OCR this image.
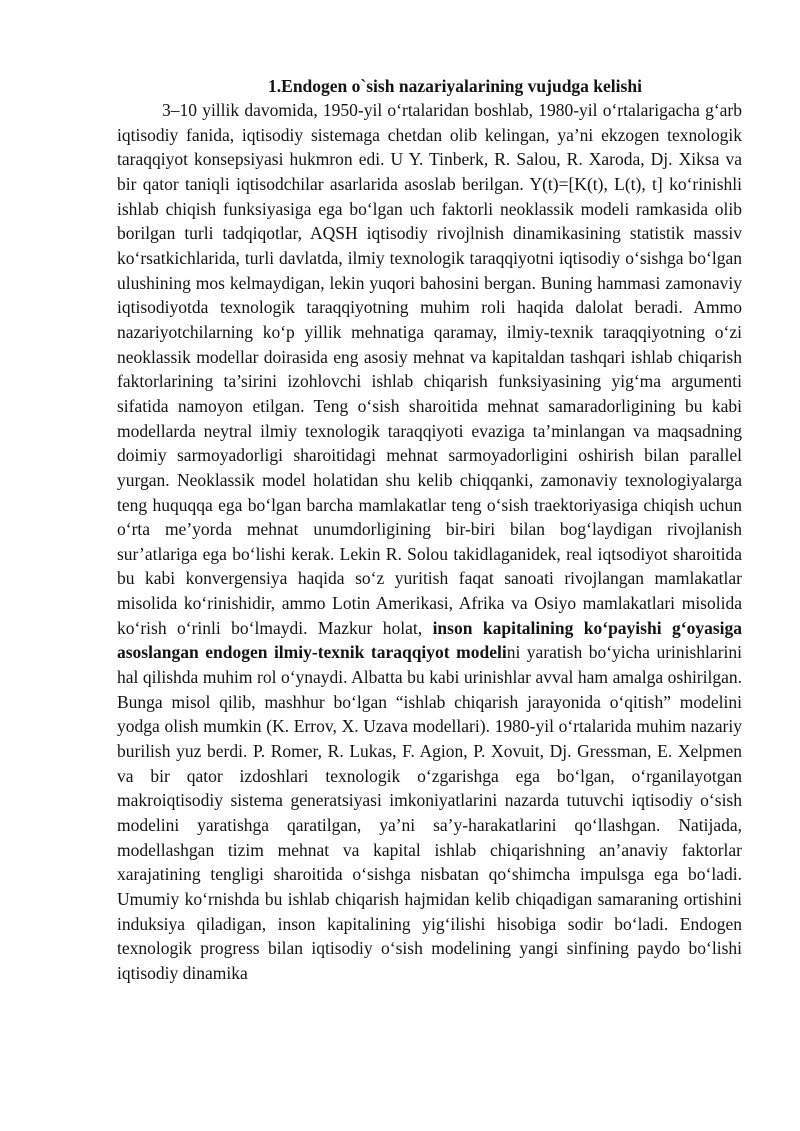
1.Endogen o`sish nazariyalarining vujudga kelishi

3–10 yillik davomida, 1950-yil o‘rtalaridan boshlab, 1980-yil o‘rtalarigacha g‘arb iqtisodiy fanida, iqtisodiy sistemaga chetdan olib kelingan, ya’ni ekzogen texnologik taraqqiyot konsepsiyasi hukmron edi. U Y. Tinberk, R. Salou, R. Xaroda, Dj. Xiksa va bir qator taniqli iqtisodchilar asarlarida asoslab berilgan. Y(t)=[K(t), L(t), t] ko‘rinishli ishlab chiqish funksiyasiga ega bo‘lgan uch faktorli neoklassik modeli ramkasida olib borilgan turli tadqiqotlar, AQSH iqtisodiy rivojlnish dinamikasining statistik massiv ko‘rsatkichlarida, turli davlatda, ilmiy texnologik taraqqiyotni iqtisodiy o‘sishga bo‘lgan ulushining mos kelmaydigan, lekin yuqori bahosini bergan. Buning hammasi zamonaviy iqtisodiyotda texnologik taraqqiyotning muhim roli haqida dalolat beradi. Ammo nazariyotchilarning ko‘p yillik mehnatiga qaramay, ilmiy-texnik taraqqiyotning o‘zi neoklassik modellar doirasida eng asosiy mehnat va kapitaldan tashqari ishlab chiqarish faktorlarining ta’sirini izohlovchi ishlab chiqarish funksiyasining yig‘ma argumenti sifatida namoyon etilgan. Teng o‘sish sharoitida mehnat samaradorligining bu kabi modellarda neytral ilmiy texnologik taraqqiyoti evaziga ta’minlangan va maqsadning doimiy sarmoyadorligi sharoitidagi mehnat sarmoyadorligini oshirish bilan parallel yurgan. Neoklassik model holatidan shu kelib chiqqanki, zamonaviy texnologiyalarga teng huquqqa ega bo‘lgan barcha mamlakatlar teng o‘sish traektoriyasiga chiqish uchun o‘rta me’yorda mehnat unumdorligining bir-biri bilan bog‘laydigan rivojlanish sur’atlariga ega bo‘lishi kerak. Lekin R. Solou takidlaganidek, real iqtsodiyot sharoitida bu kabi konvergensiya haqida so‘z yuritish faqat sanoati rivojlangan mamlakatlar misolida ko‘rinishidir, ammo Lotin Amerikasi, Afrika va Osiyo mamlakatlari misolida ko‘rish o‘rinli bo‘lmaydi. Mazkur holat, inson kapitalining ko‘payishi g‘oyasiga asoslangan endogen ilmiy-texnik taraqqiyot modelini yaratish bo‘yicha urinishlarini hal qilishda muhim rol o‘ynaydi. Albatta bu kabi urinishlar avval ham amalga oshirilgan. Bunga misol qilib, mashhur bo‘lgan “ishlab chiqarish jarayonida o‘qitish” modelini yodga olish mumkin (K. Errov, X. Uzava modellari). 1980-yil o‘rtalarida muhim nazariy burilish yuz berdi. P. Romer, R. Lukas, F. Agion, P. Xovuit, Dj. Gressman, E. Xelpmen va bir qator izdoshlari texnologik o‘zgarishga ega bo‘lgan, o‘rganilayotgan makroiqtisodiy sistema generatsiyasi imkoniyatlarini nazarda tutuvchi iqtisodiy o‘sish modelini yaratishga qaratilgan, ya’ni sa’y-harakatlarini qo‘llashgan. Natijada, modellashgan tizim mehnat va kapital ishlab chiqarishning an’anaviy faktorlar xarajatining tengligi sharoitida o‘sishga nisbatan qo‘shimcha impulsga ega bo‘ladi. Umumiy ko‘rnishda bu ishlab chiqarish hajmidan kelib chiqadigan samaraning ortishini induksiya qiladigan, inson kapitalining yig‘ilishi hisobiga sodir bo‘ladi. Endogen texnologik progress bilan iqtisodiy o‘sish modelining yangi sinfining paydo bo‘lishi iqtisodiy dinamika
